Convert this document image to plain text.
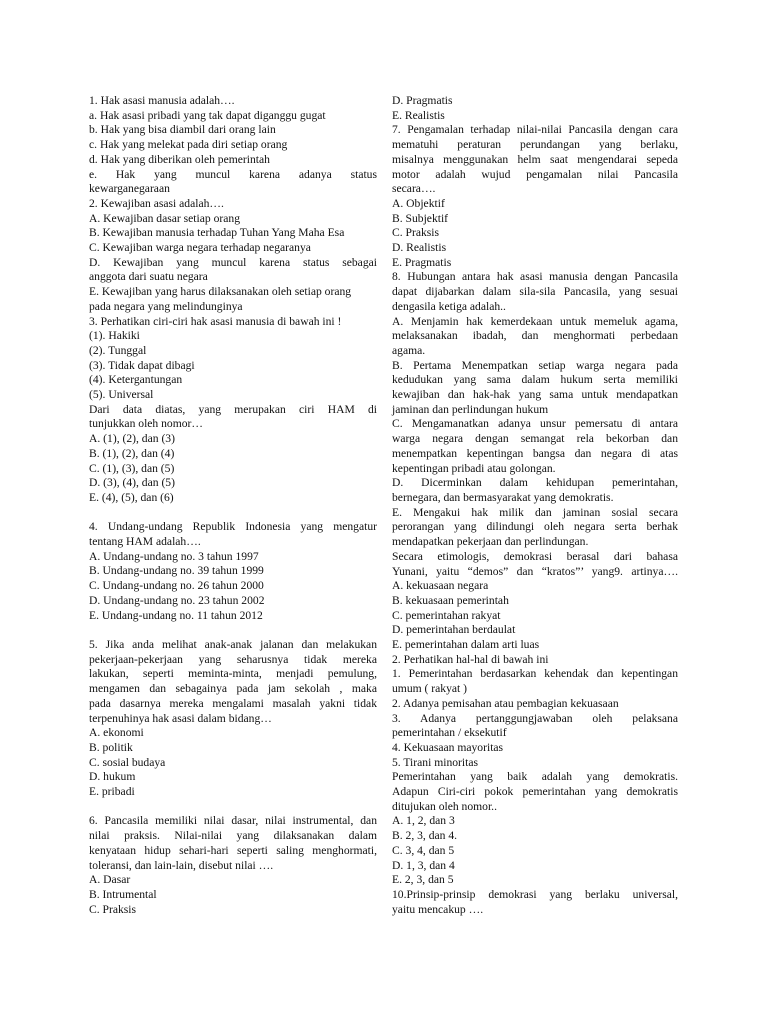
1. Hak asasi manusia adalah….
a. Hak asasi pribadi yang tak dapat diganggu gugat
b. Hak yang bisa diambil dari orang lain
c. Hak yang melekat pada diri setiap orang
d. Hak yang diberikan oleh pemerintah
e. Hak yang muncul karena adanya status
kewarganegaraan
2. Kewajiban asasi adalah….
A. Kewajiban dasar setiap orang
B. Kewajiban manusia terhadap Tuhan Yang Maha Esa
C. Kewajiban warga negara terhadap negaranya
D. Kewajiban yang muncul karena status sebagai
anggota dari suatu negara
E. Kewajiban yang harus dilaksanakan oleh setiap orang
pada negara yang melindunginya
3. Perhatikan ciri-ciri hak asasi manusia di bawah ini !
(1). Hakiki
(2). Tunggal
(3). Tidak dapat dibagi
(4). Ketergantungan
(5). Universal
Dari data diatas, yang merupakan ciri HAM di
tunjukkan oleh nomor…
A. (1), (2), dan (3)
B. (1), (2), dan (4)
C. (1), (3), dan (5)
D. (3), (4), dan (5)
E. (4), (5), dan (6)
4. Undang-undang Republik Indonesia yang mengatur
tentang HAM adalah….
A. Undang-undang no. 3 tahun 1997
B. Undang-undang no. 39 tahun 1999
C. Undang-undang no. 26 tahun 2000
D. Undang-undang no. 23 tahun 2002
E. Undang-undang no. 11 tahun 2012
5. Jika anda melihat anak-anak jalanan dan melakukan
pekerjaan-pekerjaan yang seharusnya tidak mereka
lakukan, seperti meminta-minta, menjadi pemulung,
mengamen dan sebagainya pada jam sekolah , maka
pada dasarnya mereka mengalami masalah yakni tidak
terpenuhinya hak asasi dalam bidang…
A. ekonomi
B. politik
C. sosial budaya
D. hukum
E. pribadi
6. Pancasila memiliki nilai dasar, nilai instrumental, dan
nilai praksis. Nilai-nilai yang dilaksanakan dalam
kenyataan hidup sehari-hari seperti saling menghormati,
toleransi, dan lain-lain, disebut nilai ….
A. Dasar
B. Intrumental
C. Praksis
D. Pragmatis
E. Realistis
7. Pengamalan terhadap nilai-nilai Pancasila dengan cara
mematuhi peraturan perundangan yang berlaku,
misalnya menggunakan helm saat mengendarai sepeda
motor adalah wujud pengamalan nilai Pancasila
secara….
A. Objektif
B. Subjektif
C. Praksis
D. Realistis
E. Pragmatis
8. Hubungan antara hak asasi manusia dengan Pancasila
dapat dijabarkan dalam sila-sila Pancasila, yang sesuai
dengasila ketiga adalah..
A. Menjamin hak kemerdekaan untuk memeluk agama,
melaksanakan ibadah, dan menghormati perbedaan
agama.
B. Pertama Menempatkan setiap warga negara pada
kedudukan yang sama dalam hukum serta memiliki
kewajiban dan hak-hak yang sama untuk mendapatkan
jaminan dan perlindungan hukum
C. Mengamanatkan adanya unsur pemersatu di antara
warga negara dengan semangat rela bekorban dan
menempatkan kepentingan bangsa dan negara di atas
kepentingan pribadi atau golongan.
D. Dicerminkan dalam kehidupan pemerintahan,
bernegara, dan bermasyarakat yang demokratis.
E. Mengakui hak milik dan jaminan sosial secara
perorangan yang dilindungi oleh negara serta berhak
mendapatkan pekerjaan dan perlindungan.
Secara etimologis, demokrasi berasal dari bahasa
Yunani, yaitu “demos” dan “kratos”’ yang9. artinya….
A. kekuasaan negara
B. kekuasaan pemerintah
C. pemerintahan rakyat
D. pemerintahan berdaulat
E. pemerintahan dalam arti luas
2. Perhatikan hal-hal di bawah ini
1. Pemerintahan berdasarkan kehendak dan kepentingan
umum ( rakyat )
2. Adanya pemisahan atau pembagian kekuasaan
3. Adanya pertanggungjawaban oleh pelaksana
pemerintahan / eksekutif
4. Kekuasaan mayoritas
5. Tirani minoritas
Pemerintahan yang baik adalah yang demokratis.
Adapun Ciri-ciri pokok pemerintahan yang demokratis
ditujukan oleh nomor..
A. 1, 2, dan 3
B. 2, 3, dan 4.
C. 3, 4, dan 5
D. 1, 3, dan 4
E. 2, 3, dan 5
10.Prinsip-prinsip demokrasi yang berlaku universal,
yaitu mencakup ….
